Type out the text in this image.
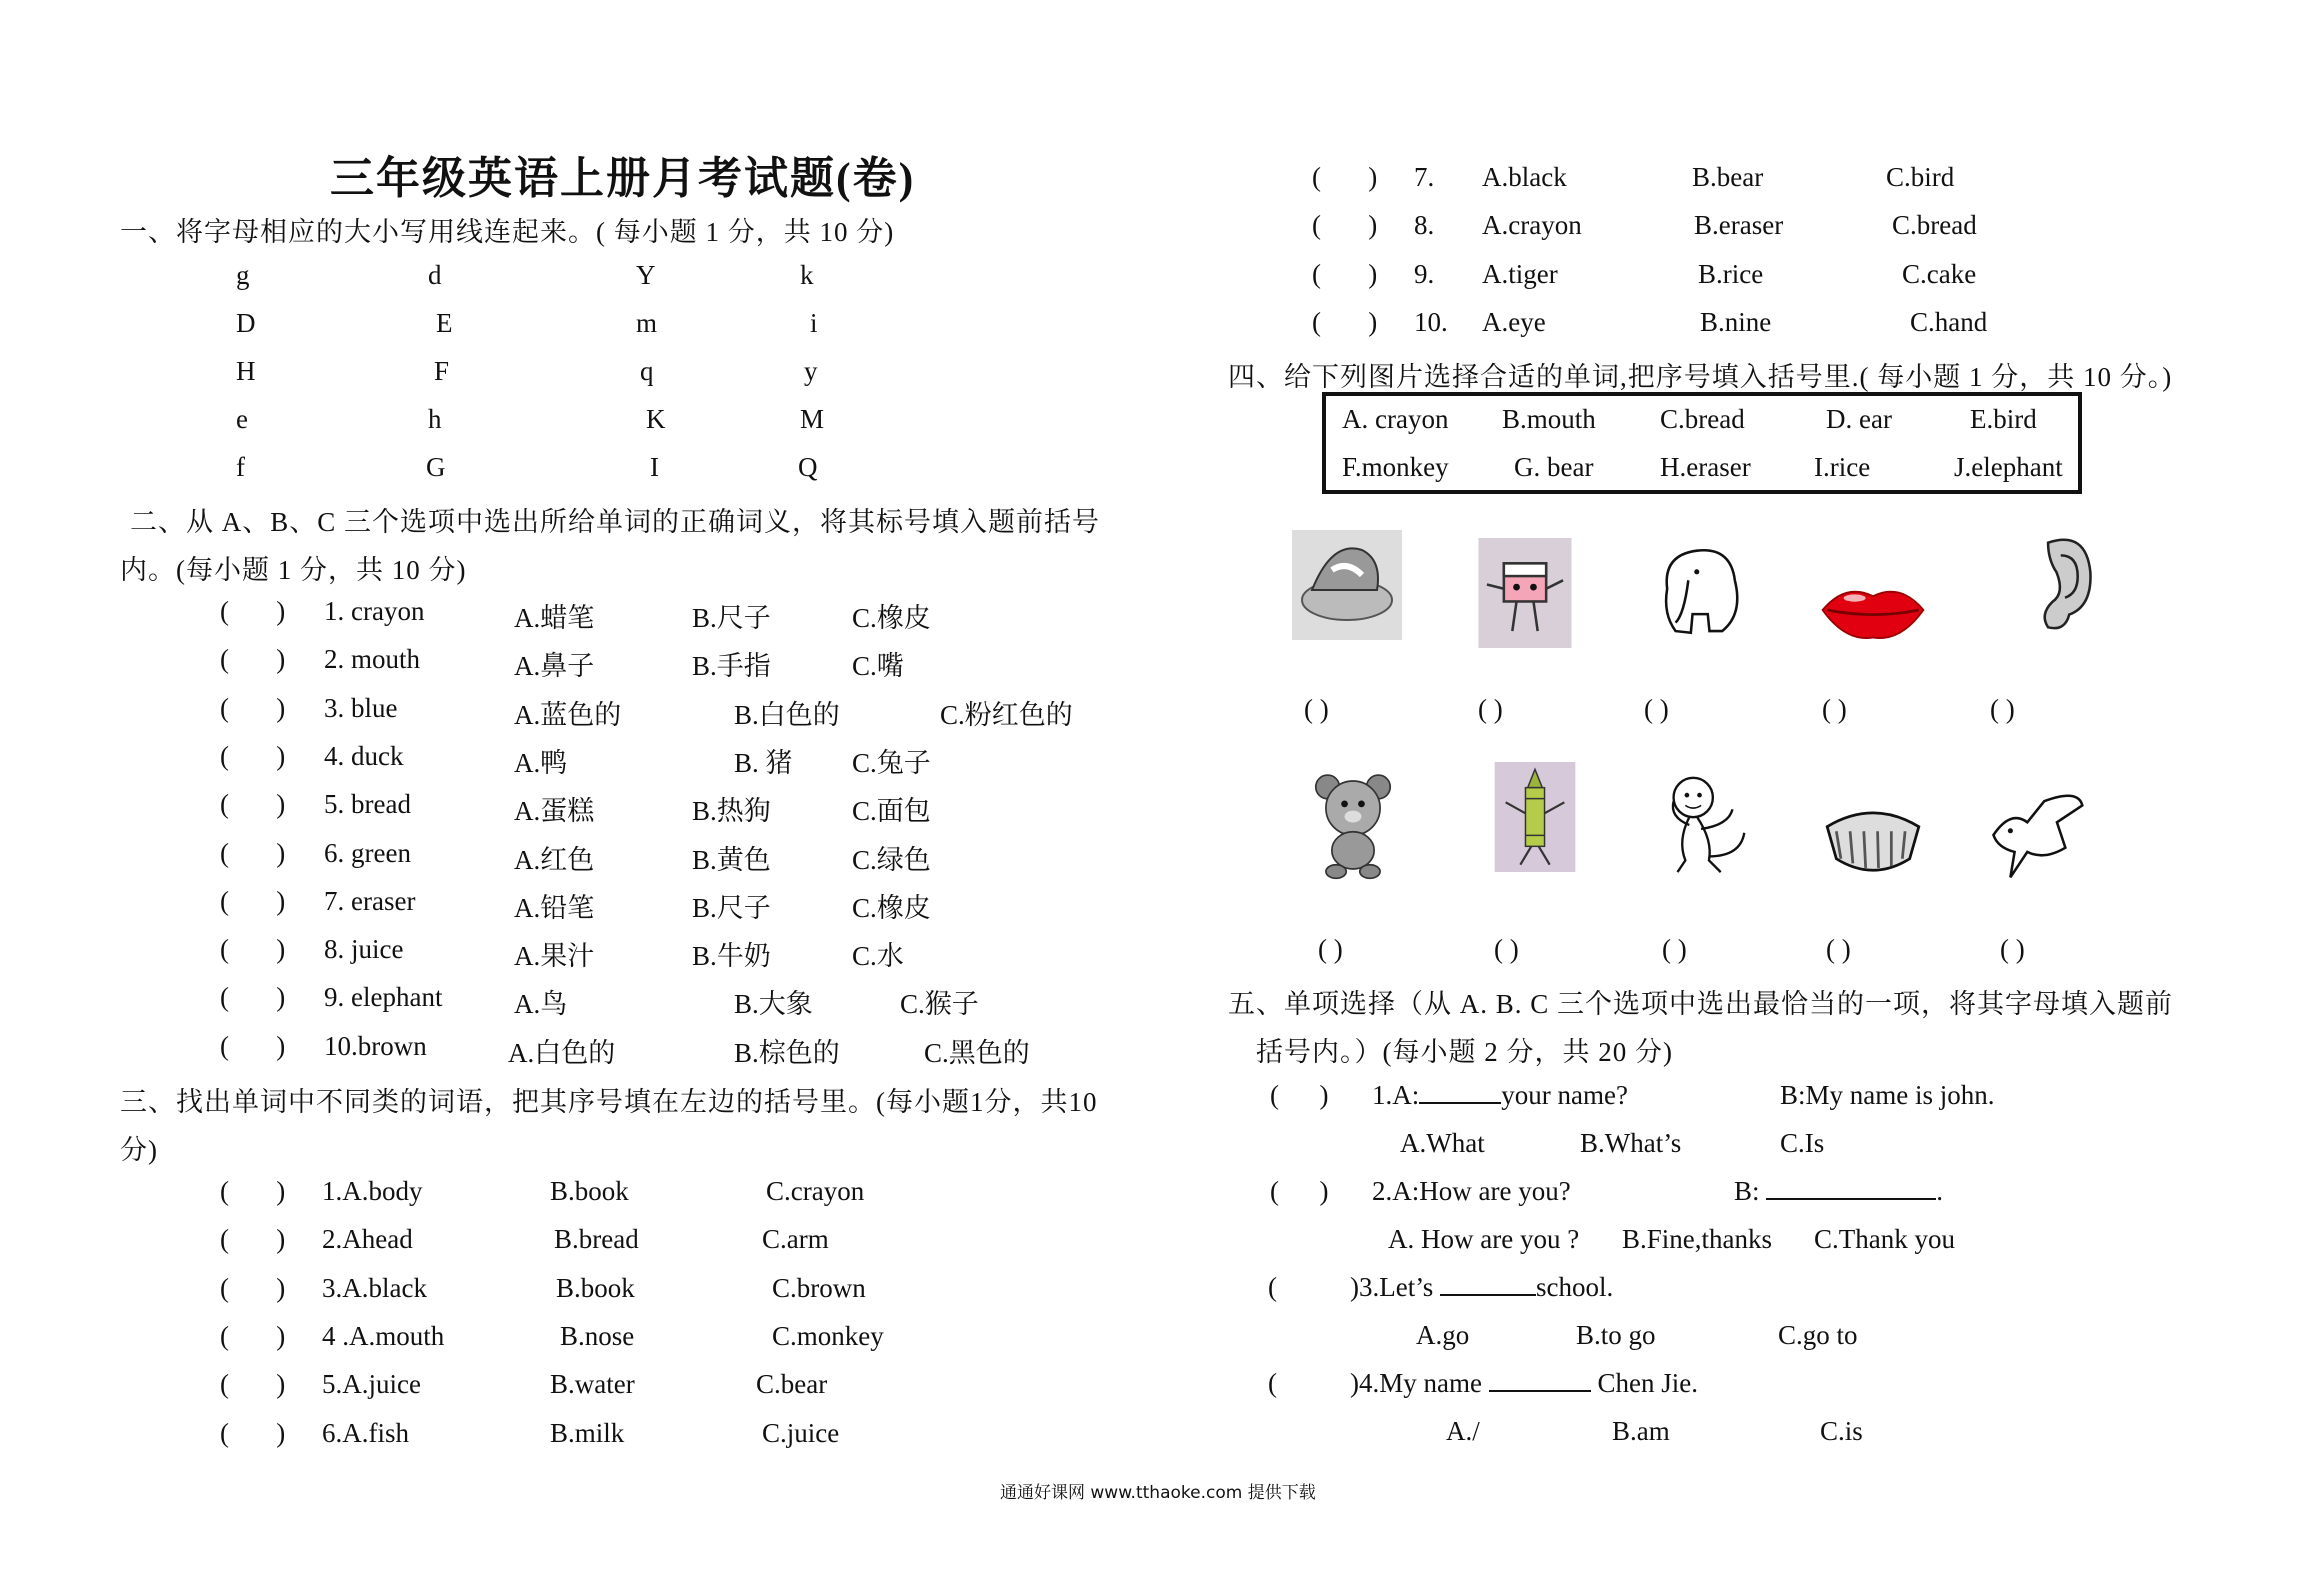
三年级英语上册月考试题(卷)
一、将字母相应的大小写用线连起来。( 每小题 1 分，共 10 分)
g	d	Y	k
D	E	m	i
H	F	q	y
e	h	K	M
f	G	I	Q
二、从 A、B、C 三个选项中选出所给单词的正确词义，将其标号填入题前括号
内。(每小题 1 分，共 10 分)
(       ) 1. crayon	A.蜡笔	B.尺子	C.橡皮
(       ) 2. mouth	A.鼻子	B.手指	C.嘴
(       ) 3. blue	A.蓝色的	B.白色的	C.粉红色的
(       ) 4. duck	A.鸭	B. 猪 C.兔子
(       ) 5. bread	A.蛋糕	B.热狗	C.面包
(       ) 6. green	A.红色	B.黄色	C.绿色
(       ) 7. eraser	A.铅笔	B.尺子	C.橡皮
(       ) 8. juice	A.果汁	B.牛奶	C.水
(       ) 9. elephant	A.鸟	B.大象	C.猴子
(       ) 10.brown	A.白色的	B.棕色的	C.黑色的
三、找出单词中不同类的词语，把其序号填在左边的括号里。(每小题1分，共10
分)
(       ) 1.A.body	B.book	C.crayon
(       ) 2.Ahead	B.bread	C.arm
(       ) 3.A.black	B.book	C.brown
(       ) 4 .A.mouth	B.nose	C.monkey
(       ) 5.A.juice	B.water	C.bear
(       ) 6.A.fish	B.milk	C.juice
(       ) 7. A.black	B.bear	C.bird
(       ) 8. A.crayon	B.eraser	C.bread
(       ) 9. A.tiger	B.rice	C.cake
(       ) 10. A.eye	B.nine	C.hand
四、给下列图片选择合适的单词,把序号填入括号里.( 每小题 1 分，共 10 分。)
A. crayon B.mouth C.bread	D. ear	E.bird
F.monkey G. bear H.eraser I.rice	J.elephant
( )	( )	( )	( )	( )
( )	( )	( )	( )	( )
五、单项选择（从 A. B. C 三个选项中选出最恰当的一项，将其字母填入题前
括号内。）(每小题 2 分，共 20 分)
(      ) 1.A:	your name?	B:My name is john.
A.What	B.What’s	C.Is
(      ) 2.A:How are you?	B:	.
A. How are you ? B.Fine,thanks C.Thank you
(	)3.Let’s	school.
A.go	B.to go	C.go to
(	)4.My name	Chen Jie.
A./	B.am	C.is
通通好课网 www.tthaoke.com 提供下载
